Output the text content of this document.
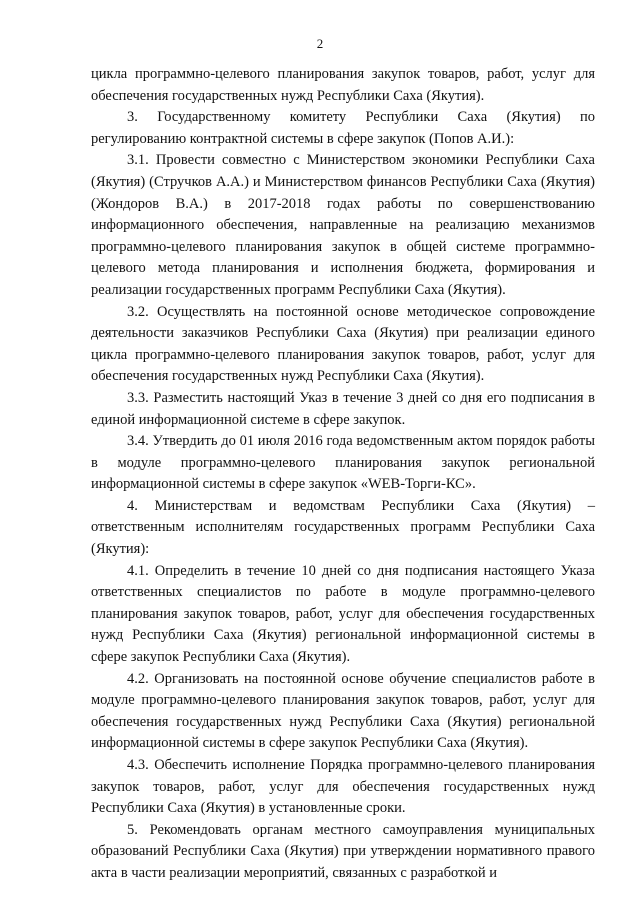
2

цикла программно-целевого планирования закупок товаров, работ, услуг для обеспечения государственных нужд Республики Саха (Якутия).

3. Государственному комитету Республики Саха (Якутия) по регулированию контрактной системы в сфере закупок (Попов А.И.):

3.1. Провести совместно с Министерством экономики Республики Саха (Якутия) (Стручков А.А.) и Министерством финансов Республики Саха (Якутия) (Жондоров В.А.) в 2017-2018 годах работы по совершенствованию информационного обеспечения, направленные на реализацию механизмов программно-целевого планирования закупок в общей системе программно-целевого метода планирования и исполнения бюджета, формирования и реализации государственных программ Республики Саха (Якутия).

3.2. Осуществлять на постоянной основе методическое сопровождение деятельности заказчиков Республики Саха (Якутия) при реализации единого цикла программно-целевого планирования закупок товаров, работ, услуг для обеспечения государственных нужд Республики Саха (Якутия).

3.3. Разместить настоящий Указ в течение 3 дней со дня его подписания в единой информационной системе в сфере закупок.

3.4. Утвердить до 01 июля 2016 года ведомственным актом порядок работы в модуле программно-целевого планирования закупок региональной информационной системы в сфере закупок «WEB-Торги-КС».

4. Министерствам и ведомствам Республики Саха (Якутия) – ответственным исполнителям государственных программ Республики Саха (Якутия):

4.1. Определить в течение 10 дней со дня подписания настоящего Указа ответственных специалистов по работе в модуле программно-целевого планирования закупок товаров, работ, услуг для обеспечения государственных нужд Республики Саха (Якутия) региональной информационной системы в сфере закупок Республики Саха (Якутия).

4.2. Организовать на постоянной основе обучение специалистов работе в модуле программно-целевого планирования закупок товаров, работ, услуг для обеспечения государственных нужд Республики Саха (Якутия) региональной информационной системы в сфере закупок Республики Саха (Якутия).

4.3. Обеспечить исполнение Порядка программно-целевого планирования закупок товаров, работ, услуг для обеспечения государственных нужд Республики Саха (Якутия) в установленные сроки.

5. Рекомендовать органам местного самоуправления муниципальных образований Республики Саха (Якутия) при утверждении нормативного правого акта в части реализации мероприятий, связанных с разработкой и
